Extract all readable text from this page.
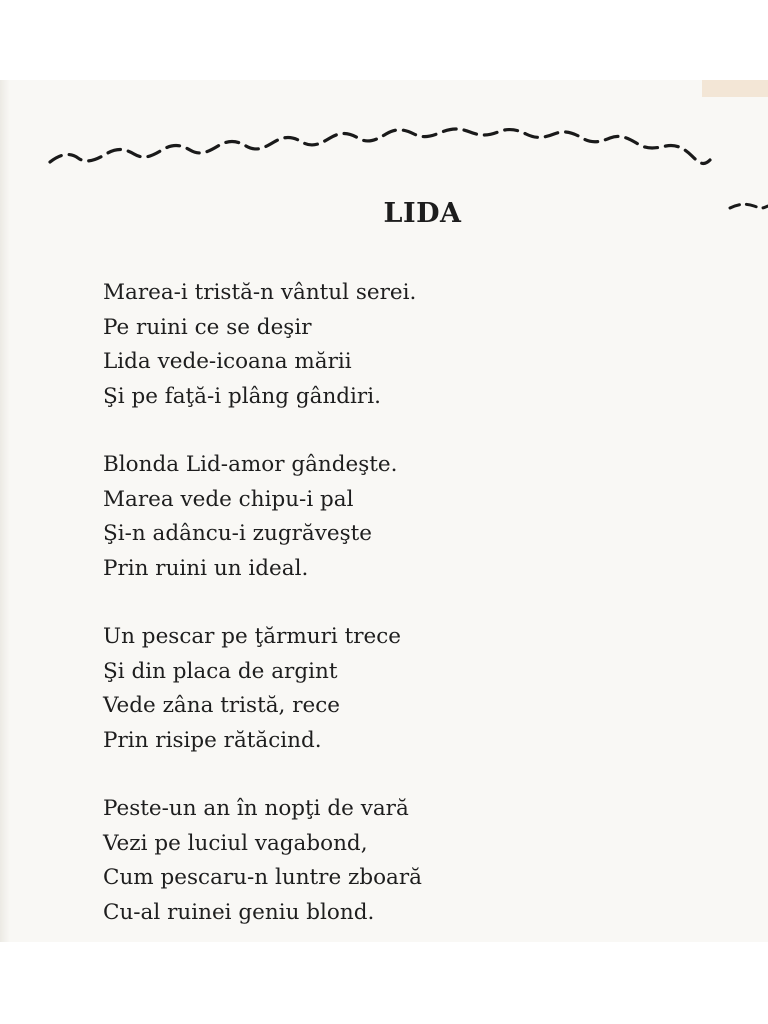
LIDA
Marea-i tristă-n vântul serei.
Pe ruini ce se deşir
Lida vede-icoana mării
Şi pe faţă-i plâng gândiri.
Blonda Lid-amor gândeşte.
Marea vede chipu-i pal
Şi-n adâncu-i zugrăveşte
Prin ruini un ideal.
Un pescar pe ţărmuri trece
Şi din placa de argint
Vede zâna tristă, rece
Prin risipe rătăcind.
Peste-un an în nopţi de vară
Vezi pe luciul vagabond,
Cum pescaru-n luntre zboară
Cu-al ruinei geniu blond.
